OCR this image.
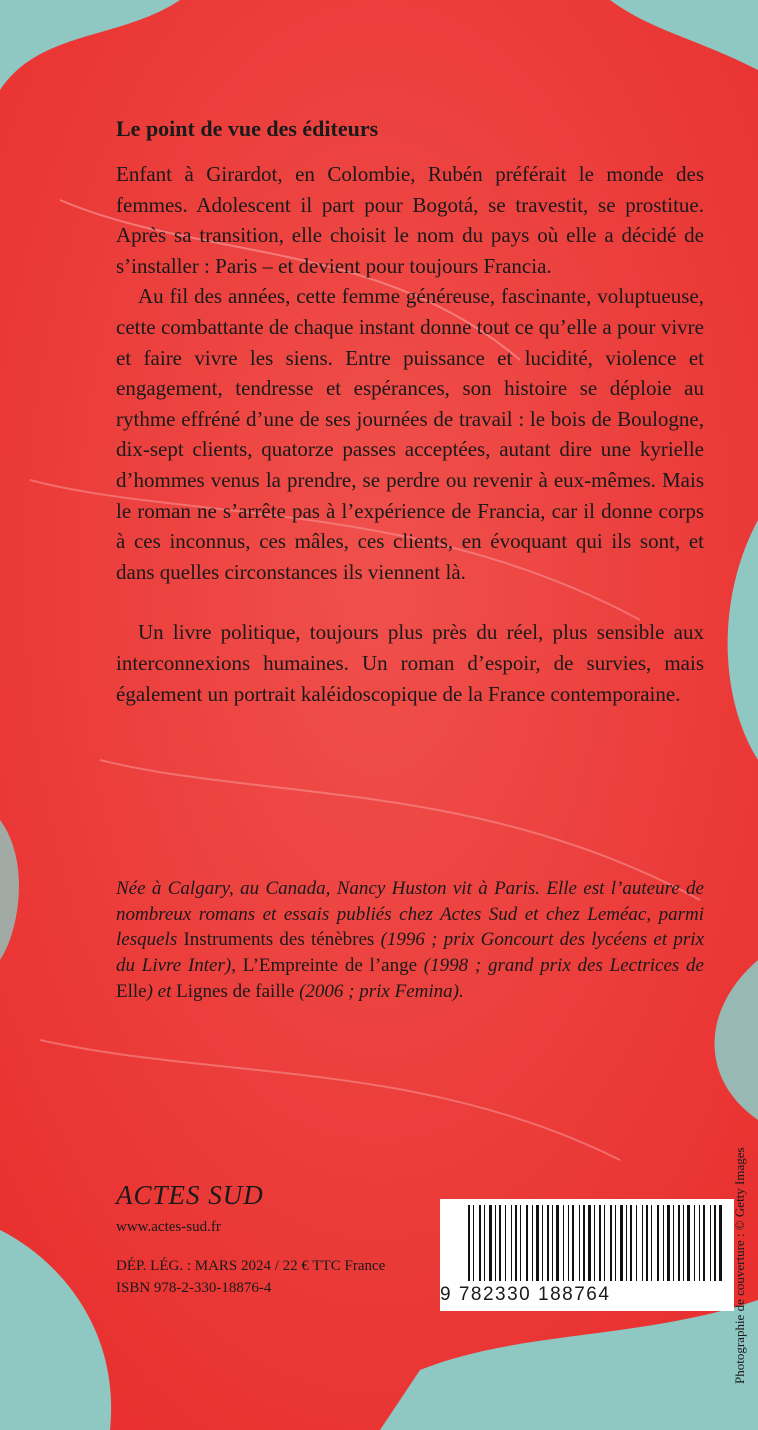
Le point de vue des éditeurs

Enfant à Girardot, en Colombie, Rubén préférait le monde des femmes. Adolescent il part pour Bogotá, se travestit, se prostitue. Après sa transition, elle choisit le nom du pays où elle a décidé de s’installer : Paris – et devient pour toujours Francia.

Au fil des années, cette femme généreuse, fascinante, voluptueuse, cette combattante de chaque instant donne tout ce qu’elle a pour vivre et faire vivre les siens. Entre puissance et lucidité, violence et engagement, tendresse et espérances, son histoire se déploie au rythme effréné d’une de ses journées de travail : le bois de Boulogne, dix-sept clients, quatorze passes acceptées, autant dire une kyrielle d’hommes venus la prendre, se perdre ou revenir à eux-mêmes. Mais le roman ne s’arrête pas à l’expérience de Francia, car il donne corps à ces inconnus, ces mâles, ces clients, en évoquant qui ils sont, et dans quelles circonstances ils viennent là.

Un livre politique, toujours plus près du réel, plus sensible aux interconnexions humaines. Un roman d’espoir, de survies, mais également un portrait kaléidoscopique de la France contemporaine.

Née à Calgary, au Canada, Nancy Huston vit à Paris. Elle est l’auteure de nombreux romans et essais publiés chez Actes Sud et chez Leméac, parmi lesquels Instruments des ténèbres (1996 ; prix Goncourt des lycéens et prix du Livre Inter), L’Empreinte de l’ange (1998 ; grand prix des Lectrices de Elle) et Lignes de faille (2006 ; prix Femina).
ACTES SUD
www.actes-sud.fr
DÉP. LÉG. : MARS 2024 / 22 € TTC France
ISBN 978-2-330-18876-4	9 782330 188764	Photographie de couverture : © Getty Images
